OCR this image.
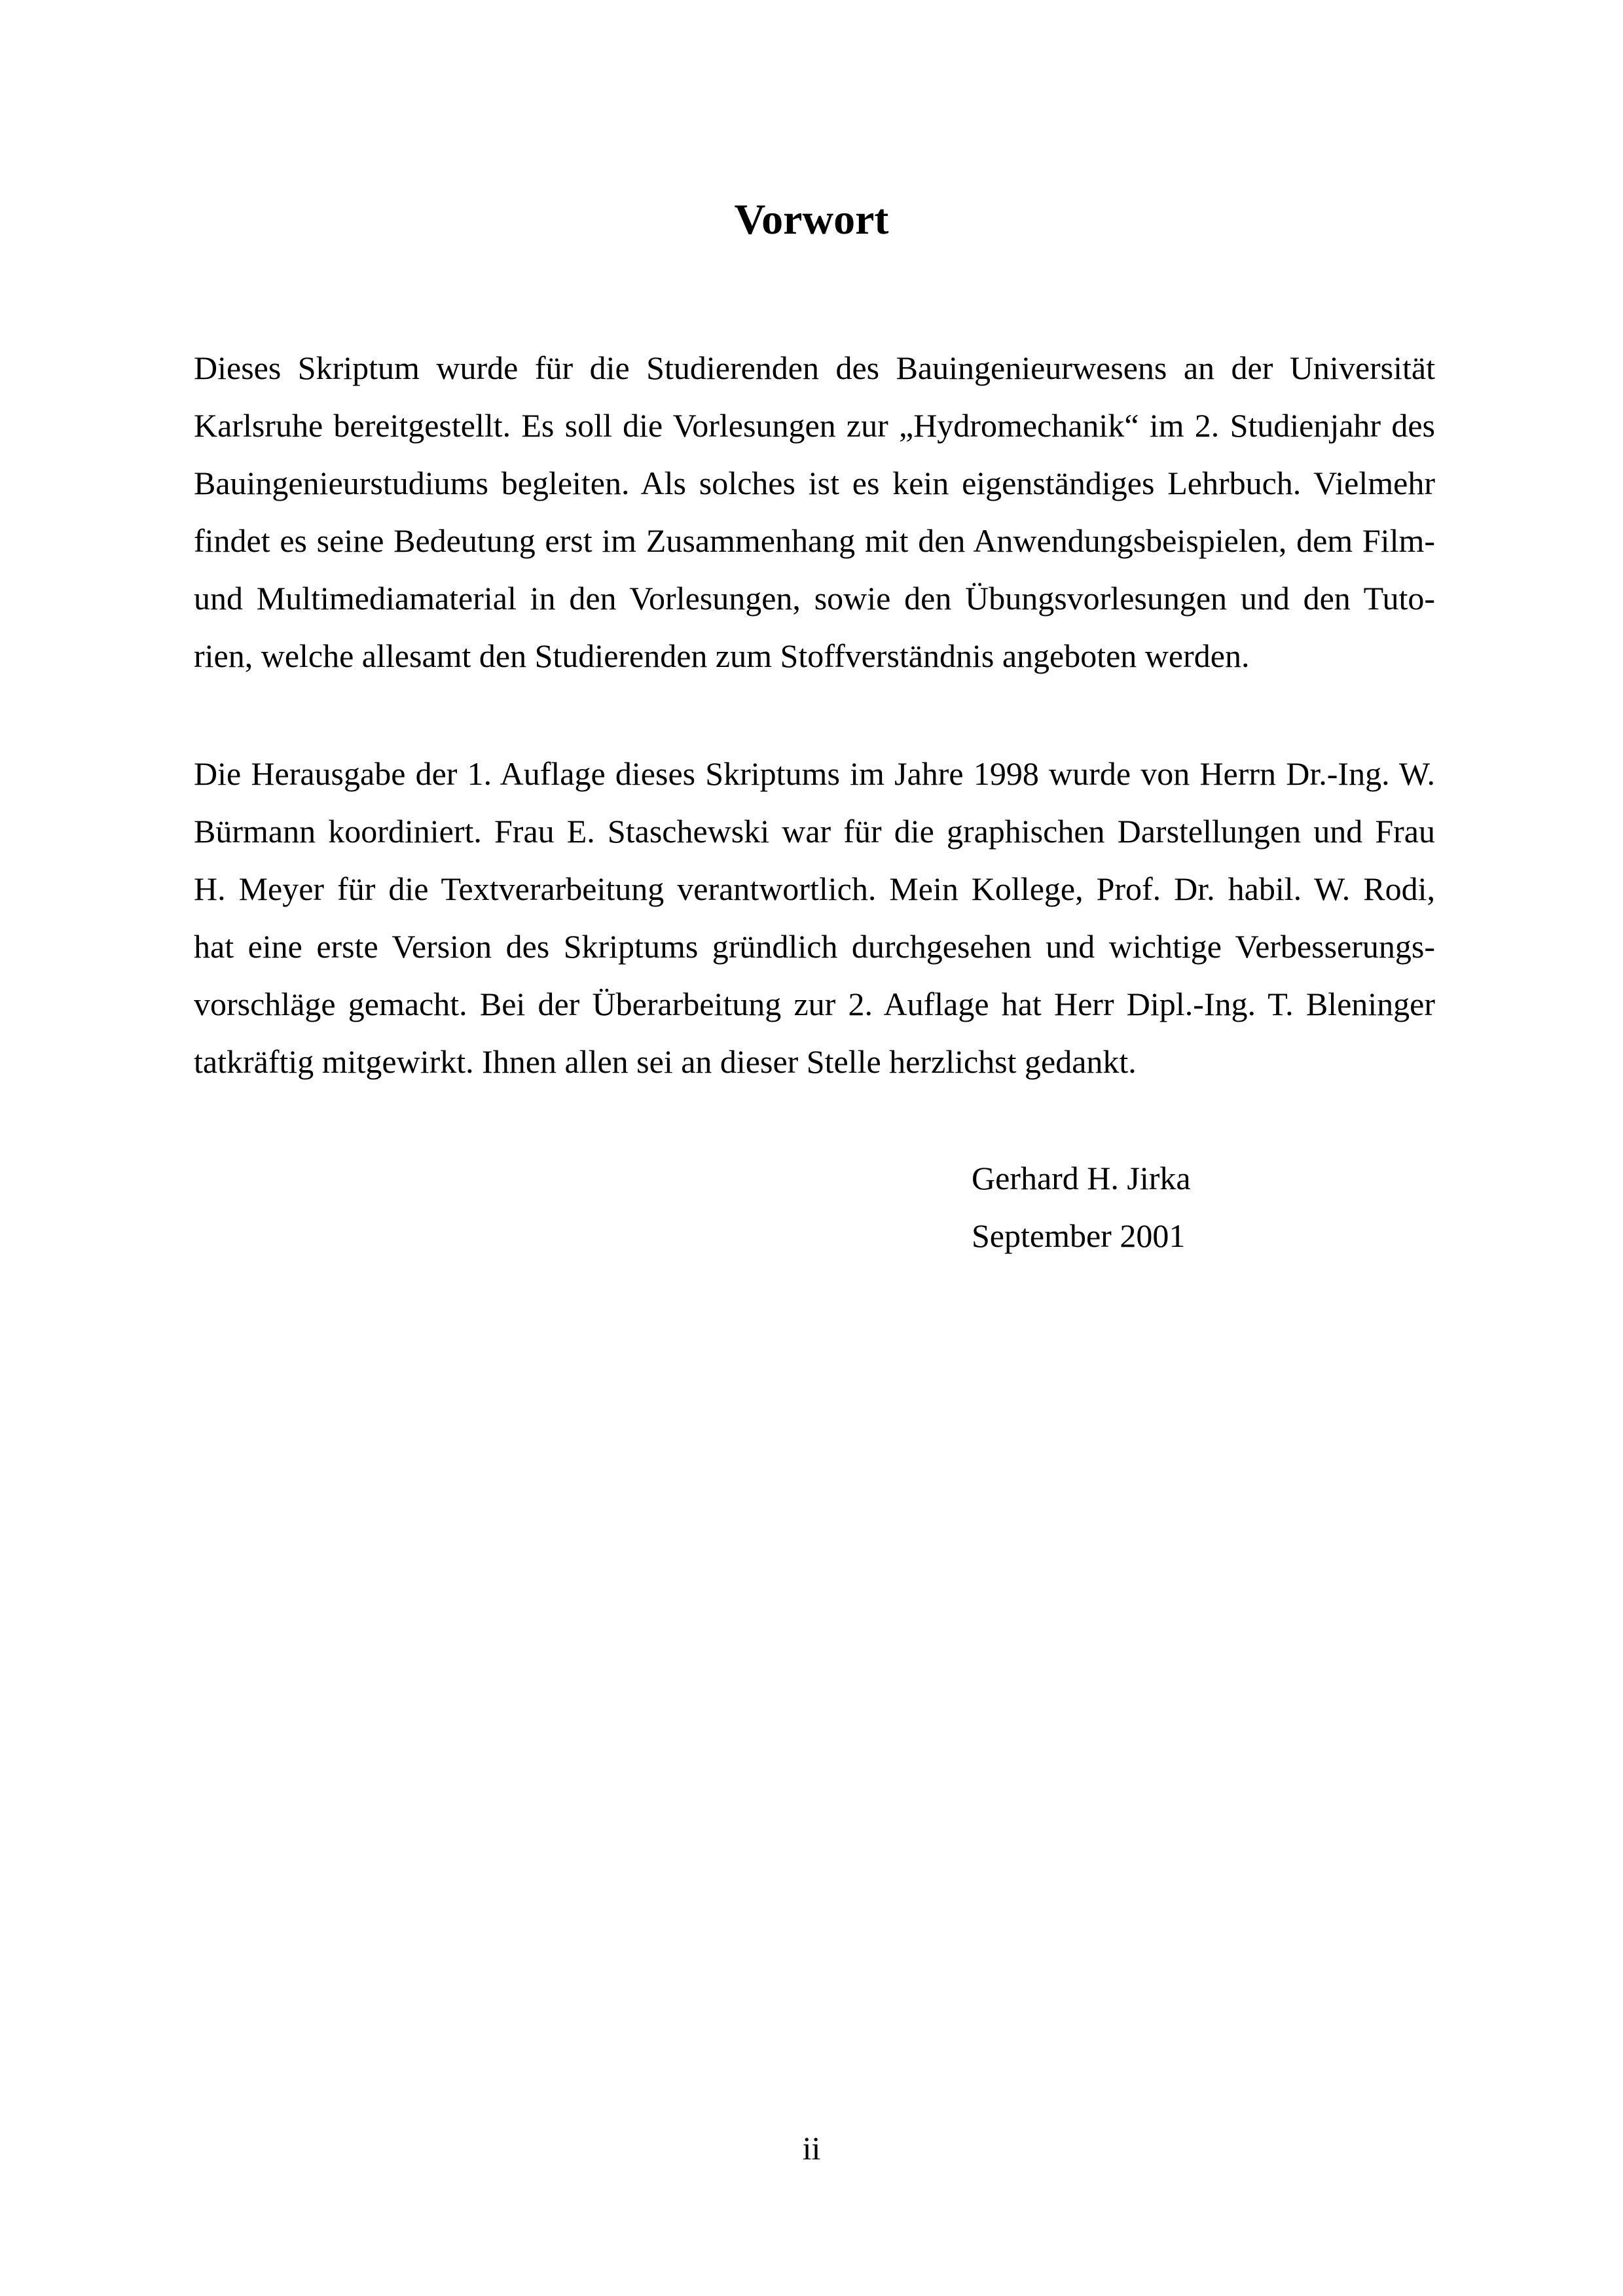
Vorwort
Dieses Skriptum wurde für die Studierenden des Bauingenieurwesens an der Universität
Karlsruhe bereitgestellt. Es soll die Vorlesungen zur „Hydromechanik“ im 2. Studienjahr des
Bauingenieurstudiums begleiten. Als solches ist es kein eigenständiges Lehrbuch. Vielmehr
findet es seine Bedeutung erst im Zusammenhang mit den Anwendungsbeispielen, dem Film-
und Multimediamaterial in den Vorlesungen, sowie den Übungsvorlesungen und den Tuto-
rien, welche allesamt den Studierenden zum Stoffverständnis angeboten werden.
Die Herausgabe der 1. Auflage dieses Skriptums im Jahre 1998 wurde von Herrn Dr.-Ing. W.
Bürmann koordiniert. Frau E. Staschewski war für die graphischen Darstellungen und Frau
H. Meyer für die Textverarbeitung verantwortlich. Mein Kollege, Prof. Dr. habil. W. Rodi,
hat eine erste Version des Skriptums gründlich durchgesehen und wichtige Verbesserungs-
vorschläge gemacht. Bei der Überarbeitung zur 2. Auflage hat Herr Dipl.-Ing. T. Bleninger
tatkräftig mitgewirkt. Ihnen allen sei an dieser Stelle herzlichst gedankt.
Gerhard H. Jirka
September 2001
ii
